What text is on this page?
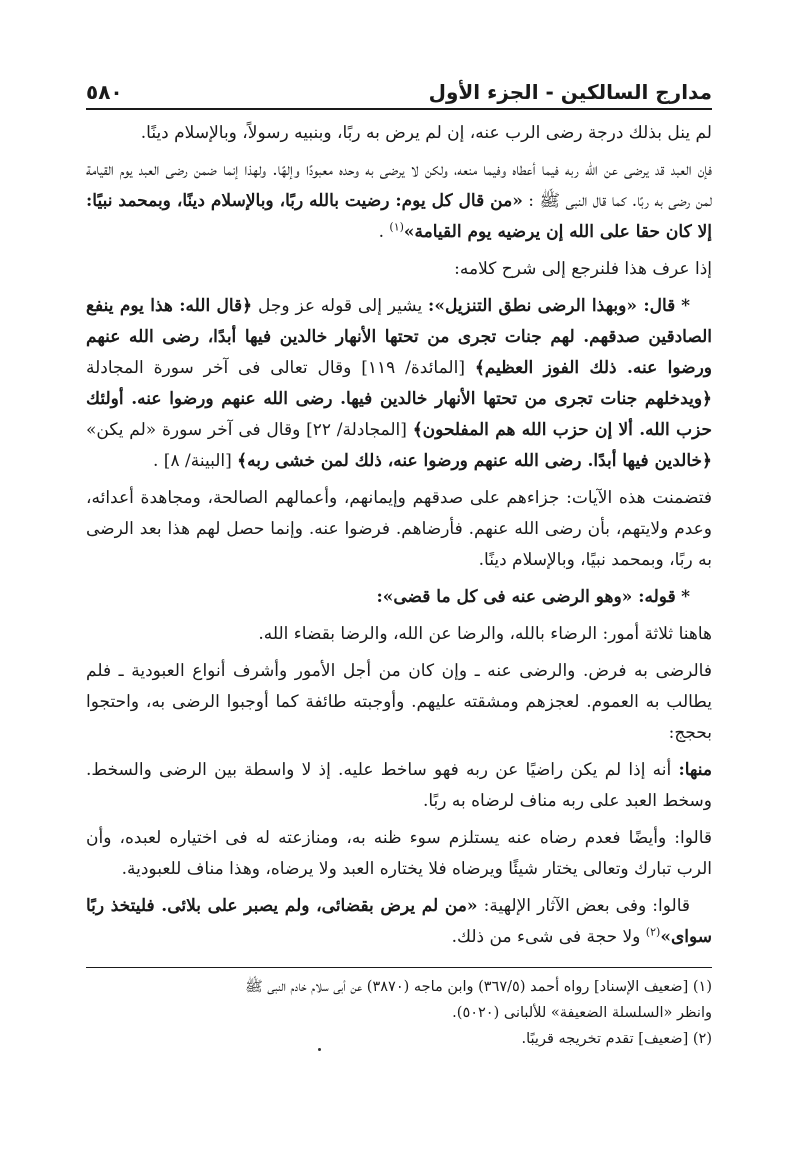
مدارج السالكين - الجزء الأول
٥٨٠

لم ينل بذلك درجة رضى الرب عنه، إن لم يرض به ربًا، وبنبيه رسولاً، وبالإسلام دينًا.

فإن العبد قد يرضى عن الله ربه فيما أعطاه وفيما منعه، ولكن لا يرضى به وحده معبودًا وإلهًا. ولهذا إنما ضمن رضى العبد يوم القيامة لمن رضى به ربًا. كما قال النبى ﷺ : «من قال كل يوم: رضيت بالله ربًا، وبالإسلام دينًا، وبمحمد نبيًا: إلا كان حقا على الله إن يرضيه يوم القيامة»$^{(١)}$ .

إذا عرف هذا فلنرجع إلى شرح كلامه:

* قال: «وبهذا الرضى نطق التنزيل»: يشير إلى قوله عز وجل ﴿قال الله: هذا يوم ينفع الصادقين صدقهم. لهم جنات تجرى من تحتها الأنهار خالدين فيها أبدًا، رضى الله عنهم ورضوا عنه. ذلك الفوز العظيم﴾ [المائدة/ ١١٩] وقال تعالى فى آخر سورة المجادلة ﴿ويدخلهم جنات تجرى من تحتها الأنهار خالدين فيها. رضى الله عنهم ورضوا عنه. أولئك حزب الله. ألا إن حزب الله هم المفلحون﴾ [المجادلة/ ٢٢] وقال فى آخر سورة «لم يكن» ﴿خالدين فيها أبدًا. رضى الله عنهم ورضوا عنه، ذلك لمن خشى ربه﴾ [البينة/ ٨] .

فتضمنت هذه الآيات: جزاءهم على صدقهم وإيمانهم، وأعمالهم الصالحة، ومجاهدة أعدائه، وعدم ولايتهم، بأن رضى الله عنهم. فأرضاهم. فرضوا عنه. وإنما حصل لهم هذا بعد الرضى به ربًا، وبمحمد نبيًا، وبالإسلام دينًا.

* قوله: «وهو الرضى عنه فى كل ما قضى»:

هاهنا ثلاثة أمور: الرضاء بالله، والرضا عن الله، والرضا بقضاء الله.

فالرضى به فرض. والرضى عنه ـ وإن كان من أجل الأمور وأشرف أنواع العبودية ـ فلم يطالب به العموم. لعجزهم ومشقته عليهم. وأوجبته طائفة كما أوجبوا الرضى به، واحتجوا بحجج:

منها: أنه إذا لم يكن راضيًا عن ربه فهو ساخط عليه. إذ لا واسطة بين الرضى والسخط. وسخط العبد على ربه مناف لرضاه به ربًا.

قالوا: وأيضًا فعدم رضاه عنه يستلزم سوء ظنه به، ومنازعته له فى اختياره لعبده، وأن الرب تبارك وتعالى يختار شيئًا ويرضاه فلا يختاره العبد ولا يرضاه، وهذا مناف للعبودية.

قالوا: وفى بعض الآثار الإلهية: «من لم يرض بقضائى، ولم يصبر على بلائى. فليتخذ ربًا سواى»$^{(٢)}$ ولا حجة فى شىء من ذلك.

(١) [ضعيف الإسناد] رواه أحمد (٣٦٧/٥) وابن ماجه (٣٨٧٠) عن أبى سلام خادم النبى ﷺ

وانظر «السلسلة الضعيفة» للألبانى (٥٠٢٠).

(٢) [ضعيف] تقدم تخريجه قريبًا.
